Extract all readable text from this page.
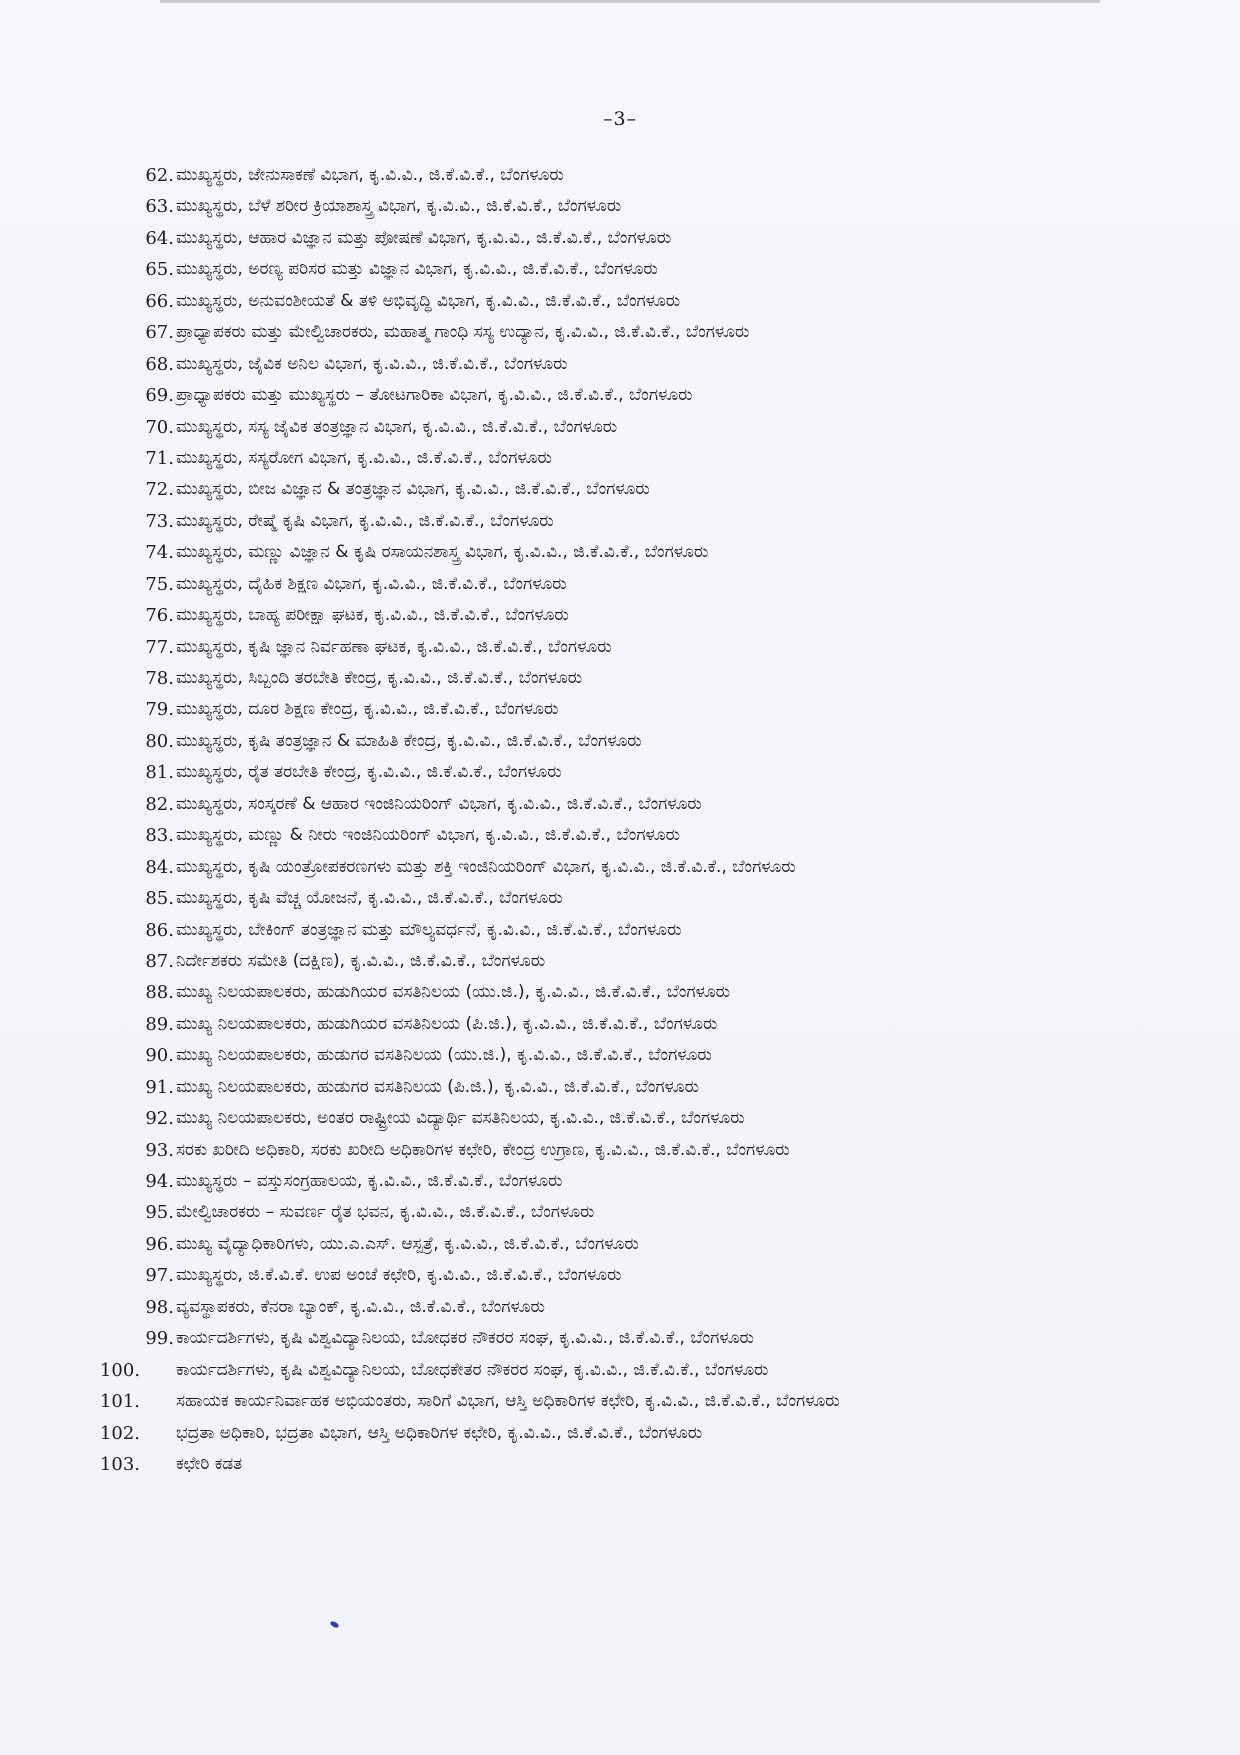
–3–
62. ಮುಖ್ಯಸ್ಥರು, ಜೇನುಸಾಕಣೆ ವಿಭಾಗ, ಕೃ.ವಿ.ವಿ., ಜಿ.ಕೆ.ವಿ.ಕೆ., ಬೆಂಗಳೂರು
63. ಮುಖ್ಯಸ್ಥರು, ಬೆಳೆ ಶರೀರ ಕ್ರಿಯಾಶಾಸ್ತ್ರ ವಿಭಾಗ, ಕೃ.ವಿ.ವಿ., ಜಿ.ಕೆ.ವಿ.ಕೆ., ಬೆಂಗಳೂರು
64. ಮುಖ್ಯಸ್ಥರು, ಆಹಾರ ವಿಜ್ಞಾನ ಮತ್ತು ಪೋಷಣೆ ವಿಭಾಗ, ಕೃ.ವಿ.ವಿ., ಜಿ.ಕೆ.ವಿ.ಕೆ., ಬೆಂಗಳೂರು
65. ಮುಖ್ಯಸ್ಥರು, ಅರಣ್ಯ ಪರಿಸರ ಮತ್ತು ವಿಜ್ಞಾನ ವಿಭಾಗ, ಕೃ.ವಿ.ವಿ., ಜಿ.ಕೆ.ವಿ.ಕೆ., ಬೆಂಗಳೂರು
66. ಮುಖ್ಯಸ್ಥರು, ಅನುವಂಶೀಯತೆ & ತಳಿ ಅಭಿವೃದ್ಧಿ ವಿಭಾಗ, ಕೃ.ವಿ.ವಿ., ಜಿ.ಕೆ.ವಿ.ಕೆ., ಬೆಂಗಳೂರು
67. ಪ್ರಾಧ್ಯಾಪಕರು ಮತ್ತು ಮೇಲ್ವಿಚಾರಕರು, ಮಹಾತ್ಮ ಗಾಂಧಿ ಸಸ್ಯ ಉದ್ಯಾನ, ಕೃ.ವಿ.ವಿ., ಜಿ.ಕೆ.ವಿ.ಕೆ., ಬೆಂಗಳೂರು
68. ಮುಖ್ಯಸ್ಥರು, ಜೈವಿಕ ಅನಿಲ ವಿಭಾಗ, ಕೃ.ವಿ.ವಿ., ಜಿ.ಕೆ.ವಿ.ಕೆ., ಬೆಂಗಳೂರು
69. ಪ್ರಾಧ್ಯಾಪಕರು ಮತ್ತು ಮುಖ್ಯಸ್ಥರು – ತೋಟಗಾರಿಕಾ ವಿಭಾಗ, ಕೃ.ವಿ.ವಿ., ಜಿ.ಕೆ.ವಿ.ಕೆ., ಬೆಂಗಳೂರು
70. ಮುಖ್ಯಸ್ಥರು, ಸಸ್ಯ ಜೈವಿಕ ತಂತ್ರಜ್ಞಾನ ವಿಭಾಗ, ಕೃ.ವಿ.ವಿ., ಜಿ.ಕೆ.ವಿ.ಕೆ., ಬೆಂಗಳೂರು
71. ಮುಖ್ಯಸ್ಥರು, ಸಸ್ಯರೋಗ ವಿಭಾಗ, ಕೃ.ವಿ.ವಿ., ಜಿ.ಕೆ.ವಿ.ಕೆ., ಬೆಂಗಳೂರು
72. ಮುಖ್ಯಸ್ಥರು, ಬೀಜ ವಿಜ್ಞಾನ & ತಂತ್ರಜ್ಞಾನ ವಿಭಾಗ, ಕೃ.ವಿ.ವಿ., ಜಿ.ಕೆ.ವಿ.ಕೆ., ಬೆಂಗಳೂರು
73. ಮುಖ್ಯಸ್ಥರು, ರೇಷ್ಮೆ ಕೃಷಿ ವಿಭಾಗ, ಕೃ.ವಿ.ವಿ., ಜಿ.ಕೆ.ವಿ.ಕೆ., ಬೆಂಗಳೂರು
74. ಮುಖ್ಯಸ್ಥರು, ಮಣ್ಣು ವಿಜ್ಞಾನ & ಕೃಷಿ ರಸಾಯನಶಾಸ್ತ್ರ ವಿಭಾಗ, ಕೃ.ವಿ.ವಿ., ಜಿ.ಕೆ.ವಿ.ಕೆ., ಬೆಂಗಳೂರು
75. ಮುಖ್ಯಸ್ಥರು, ದೈಹಿಕ ಶಿಕ್ಷಣ ವಿಭಾಗ, ಕೃ.ವಿ.ವಿ., ಜಿ.ಕೆ.ವಿ.ಕೆ., ಬೆಂಗಳೂರು
76. ಮುಖ್ಯಸ್ಥರು, ಬಾಹ್ಯ ಪರೀಕ್ಷಾ ಘಟಕ, ಕೃ.ವಿ.ವಿ., ಜಿ.ಕೆ.ವಿ.ಕೆ., ಬೆಂಗಳೂರು
77. ಮುಖ್ಯಸ್ಥರು, ಕೃಷಿ ಜ್ಞಾನ ನಿರ್ವಹಣಾ ಘಟಕ, ಕೃ.ವಿ.ವಿ., ಜಿ.ಕೆ.ವಿ.ಕೆ., ಬೆಂಗಳೂರು
78. ಮುಖ್ಯಸ್ಥರು, ಸಿಬ್ಬಂದಿ ತರಬೇತಿ ಕೇಂದ್ರ, ಕೃ.ವಿ.ವಿ., ಜಿ.ಕೆ.ವಿ.ಕೆ., ಬೆಂಗಳೂರು
79. ಮುಖ್ಯಸ್ಥರು, ದೂರ ಶಿಕ್ಷಣ ಕೇಂದ್ರ, ಕೃ.ವಿ.ವಿ., ಜಿ.ಕೆ.ವಿ.ಕೆ., ಬೆಂಗಳೂರು
80. ಮುಖ್ಯಸ್ಥರು, ಕೃಷಿ ತಂತ್ರಜ್ಞಾನ & ಮಾಹಿತಿ ಕೇಂದ್ರ, ಕೃ.ವಿ.ವಿ., ಜಿ.ಕೆ.ವಿ.ಕೆ., ಬೆಂಗಳೂರು
81. ಮುಖ್ಯಸ್ಥರು, ರೈತ ತರಬೇತಿ ಕೇಂದ್ರ, ಕೃ.ವಿ.ವಿ., ಜಿ.ಕೆ.ವಿ.ಕೆ., ಬೆಂಗಳೂರು
82. ಮುಖ್ಯಸ್ಥರು, ಸಂಸ್ಕರಣೆ & ಆಹಾರ ಇಂಜಿನಿಯರಿಂಗ್ ವಿಭಾಗ, ಕೃ.ವಿ.ವಿ., ಜಿ.ಕೆ.ವಿ.ಕೆ., ಬೆಂಗಳೂರು
83. ಮುಖ್ಯಸ್ಥರು, ಮಣ್ಣು & ನೀರು ಇಂಜಿನಿಯರಿಂಗ್ ವಿಭಾಗ, ಕೃ.ವಿ.ವಿ., ಜಿ.ಕೆ.ವಿ.ಕೆ., ಬೆಂಗಳೂರು
84. ಮುಖ್ಯಸ್ಥರು, ಕೃಷಿ ಯಂತ್ರೋಪಕರಣಗಳು ಮತ್ತು ಶಕ್ತಿ ಇಂಜಿನಿಯರಿಂಗ್ ವಿಭಾಗ, ಕೃ.ವಿ.ವಿ., ಜಿ.ಕೆ.ವಿ.ಕೆ., ಬೆಂಗಳೂರು
85. ಮುಖ್ಯಸ್ಥರು, ಕೃಷಿ ವೆಚ್ಚ ಯೋಜನೆ, ಕೃ.ವಿ.ವಿ., ಜಿ.ಕೆ.ವಿ.ಕೆ., ಬೆಂಗಳೂರು
86. ಮುಖ್ಯಸ್ಥರು, ಬೇಕಿಂಗ್ ತಂತ್ರಜ್ಞಾನ ಮತ್ತು ಮೌಲ್ಯವರ್ಧನೆ, ಕೃ.ವಿ.ವಿ., ಜಿ.ಕೆ.ವಿ.ಕೆ., ಬೆಂಗಳೂರು
87. ನಿರ್ದೇಶಕರು ಸಮೇತಿ (ದಕ್ಷಿಣ), ಕೃ.ವಿ.ವಿ., ಜಿ.ಕೆ.ವಿ.ಕೆ., ಬೆಂಗಳೂರು
88. ಮುಖ್ಯ ನಿಲಯಪಾಲಕರು, ಹುಡುಗಿಯರ ವಸತಿನಿಲಯ (ಯು.ಜಿ.), ಕೃ.ವಿ.ವಿ., ಜಿ.ಕೆ.ವಿ.ಕೆ., ಬೆಂಗಳೂರು
89. ಮುಖ್ಯ ನಿಲಯಪಾಲಕರು, ಹುಡುಗಿಯರ ವಸತಿನಿಲಯ (ಪಿ.ಜಿ.), ಕೃ.ವಿ.ವಿ., ಜಿ.ಕೆ.ವಿ.ಕೆ., ಬೆಂಗಳೂರು
90. ಮುಖ್ಯ ನಿಲಯಪಾಲಕರು, ಹುಡುಗರ ವಸತಿನಿಲಯ (ಯು.ಜಿ.), ಕೃ.ವಿ.ವಿ., ಜಿ.ಕೆ.ವಿ.ಕೆ., ಬೆಂಗಳೂರು
91. ಮುಖ್ಯ ನಿಲಯಪಾಲಕರು, ಹುಡುಗರ ವಸತಿನಿಲಯ (ಪಿ.ಜಿ.), ಕೃ.ವಿ.ವಿ., ಜಿ.ಕೆ.ವಿ.ಕೆ., ಬೆಂಗಳೂರು
92. ಮುಖ್ಯ ನಿಲಯಪಾಲಕರು, ಅಂತರ ರಾಷ್ಟ್ರೀಯ ವಿದ್ಯಾರ್ಥಿ ವಸತಿನಿಲಯ, ಕೃ.ವಿ.ವಿ., ಜಿ.ಕೆ.ವಿ.ಕೆ., ಬೆಂಗಳೂರು
93. ಸರಕು ಖರೀದಿ ಅಧಿಕಾರಿ, ಸರಕು ಖರೀದಿ ಅಧಿಕಾರಿಗಳ ಕಛೇರಿ, ಕೇಂದ್ರ ಉಗ್ರಾಣ, ಕೃ.ವಿ.ವಿ., ಜಿ.ಕೆ.ವಿ.ಕೆ., ಬೆಂಗಳೂರು
94. ಮುಖ್ಯಸ್ಥರು – ವಸ್ತುಸಂಗ್ರಹಾಲಯ, ಕೃ.ವಿ.ವಿ., ಜಿ.ಕೆ.ವಿ.ಕೆ., ಬೆಂಗಳೂರು
95. ಮೇಲ್ವಿಚಾರಕರು – ಸುವರ್ಣ ರೈತ ಭವನ, ಕೃ.ವಿ.ವಿ., ಜಿ.ಕೆ.ವಿ.ಕೆ., ಬೆಂಗಳೂರು
96. ಮುಖ್ಯ ವೈದ್ಯಾಧಿಕಾರಿಗಳು, ಯು.ಎ.ಎಸ್. ಆಸ್ಪತ್ರೆ, ಕೃ.ವಿ.ವಿ., ಜಿ.ಕೆ.ವಿ.ಕೆ., ಬೆಂಗಳೂರು
97. ಮುಖ್ಯಸ್ಥರು, ಜಿ.ಕೆ.ವಿ.ಕೆ. ಉಪ ಅಂಚೆ ಕಛೇರಿ, ಕೃ.ವಿ.ವಿ., ಜಿ.ಕೆ.ವಿ.ಕೆ., ಬೆಂಗಳೂರು
98. ವ್ಯವಸ್ಥಾಪಕರು, ಕೆನರಾ ಬ್ಯಾಂಕ್, ಕೃ.ವಿ.ವಿ., ಜಿ.ಕೆ.ವಿ.ಕೆ., ಬೆಂಗಳೂರು
99. ಕಾರ್ಯದರ್ಶಿಗಳು, ಕೃಷಿ ವಿಶ್ವವಿದ್ಯಾನಿಲಯ, ಬೋಧಕರ ನೌಕರರ ಸಂಘ, ಕೃ.ವಿ.ವಿ., ಜಿ.ಕೆ.ವಿ.ಕೆ., ಬೆಂಗಳೂರು
100. ಕಾರ್ಯದರ್ಶಿಗಳು, ಕೃಷಿ ವಿಶ್ವವಿದ್ಯಾನಿಲಯ, ಬೋಧಕೇತರ ನೌಕರರ ಸಂಘ, ಕೃ.ವಿ.ವಿ., ಜಿ.ಕೆ.ವಿ.ಕೆ., ಬೆಂಗಳೂರು
101. ಸಹಾಯಕ ಕಾರ್ಯನಿರ್ವಾಹಕ ಅಭಿಯಂತರು, ಸಾರಿಗೆ ವಿಭಾಗ, ಆಸ್ತಿ ಅಧಿಕಾರಿಗಳ ಕಛೇರಿ, ಕೃ.ವಿ.ವಿ., ಜಿ.ಕೆ.ವಿ.ಕೆ., ಬೆಂಗಳೂರು
102. ಭದ್ರತಾ ಅಧಿಕಾರಿ, ಭದ್ರತಾ ವಿಭಾಗ, ಆಸ್ತಿ ಅಧಿಕಾರಿಗಳ ಕಛೇರಿ, ಕೃ.ವಿ.ವಿ., ಜಿ.ಕೆ.ವಿ.ಕೆ., ಬೆಂಗಳೂರು
103. ಕಛೇರಿ ಕಡತ
